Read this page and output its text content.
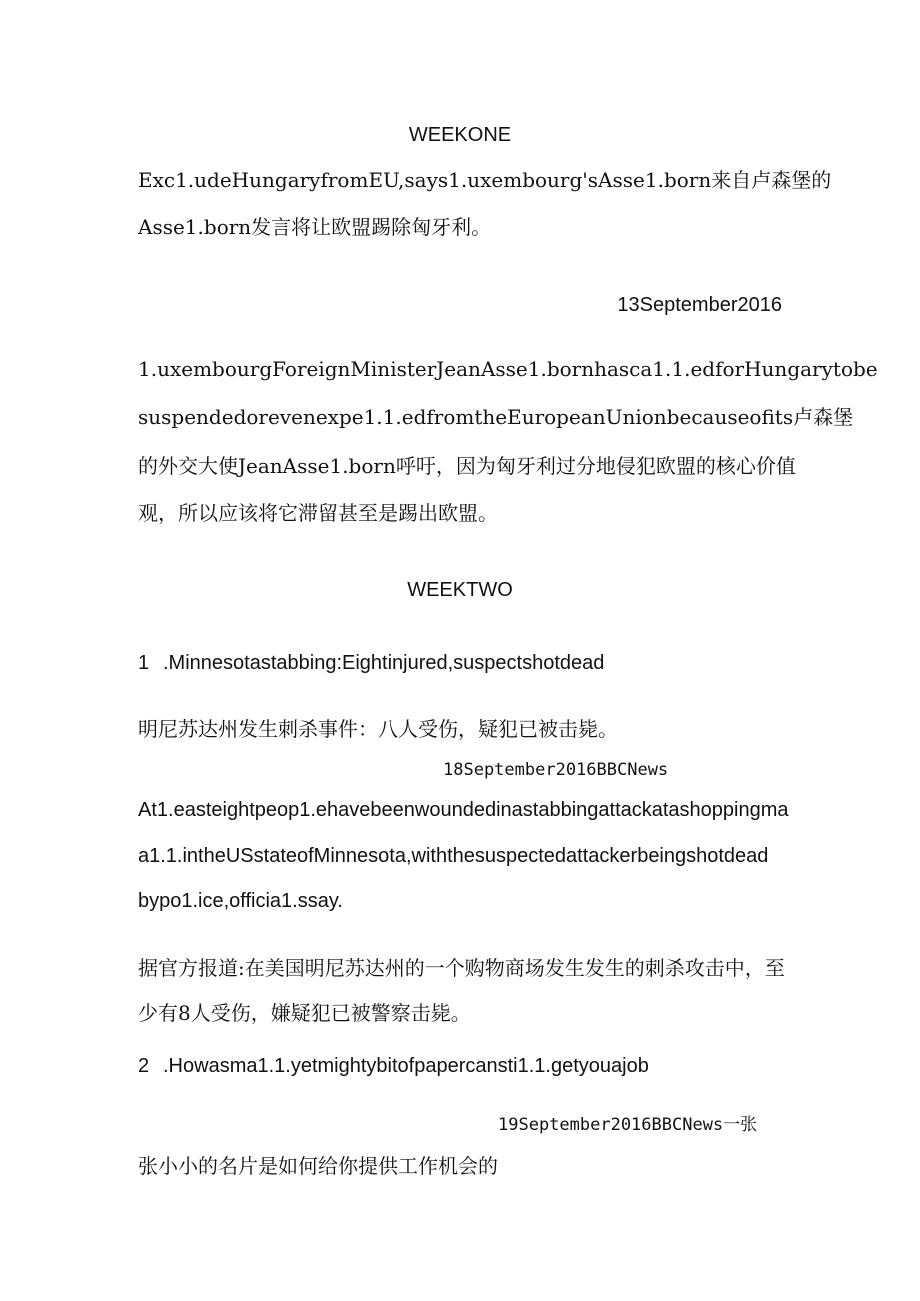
WEEKONE
Exc1.udeHungaryfromEU,says1.uxembourg'sAsse1.born来自卢森堡的
Asse1.born发言将让欧盟踢除匈牙利。
13September2016
1.uxembourgForeignMinisterJeanAsse1.bornhasca1.1.edforHungarytobe
suspendedorevenexpe1.1.edfromtheEuropeanUnionbecauseofits卢森堡
的外交大使JeanAsse1.born呼吁，因为匈牙利过分地侵犯欧盟的核心价值
观，所以应该将它滞留甚至是踢出欧盟。
WEEKTWO
1 .Minnesotastabbing:Eightinjured,suspectshotdead
明尼苏达州发生刺杀事件：八人受伤，疑犯已被击毙。
18September2016BBCNews
At1.easteightpeop1.ehavebeenwoundedinastabbingattackatashoppingma
a1.1.intheUSstateofMinnesota,withthesuspectedattackerbeingshotdead
bypo1.ice,officia1.ssay.
据官方报道:在美国明尼苏达州的一个购物商场发生发生的刺杀攻击中，至
少有8人受伤，嫌疑犯已被警察击毙。
2 .Howasma1.1.yetmightybitofpapercansti1.1.getyouajob
19September2016BBCNews一张
张小小的名片是如何给你提供工作机会的
